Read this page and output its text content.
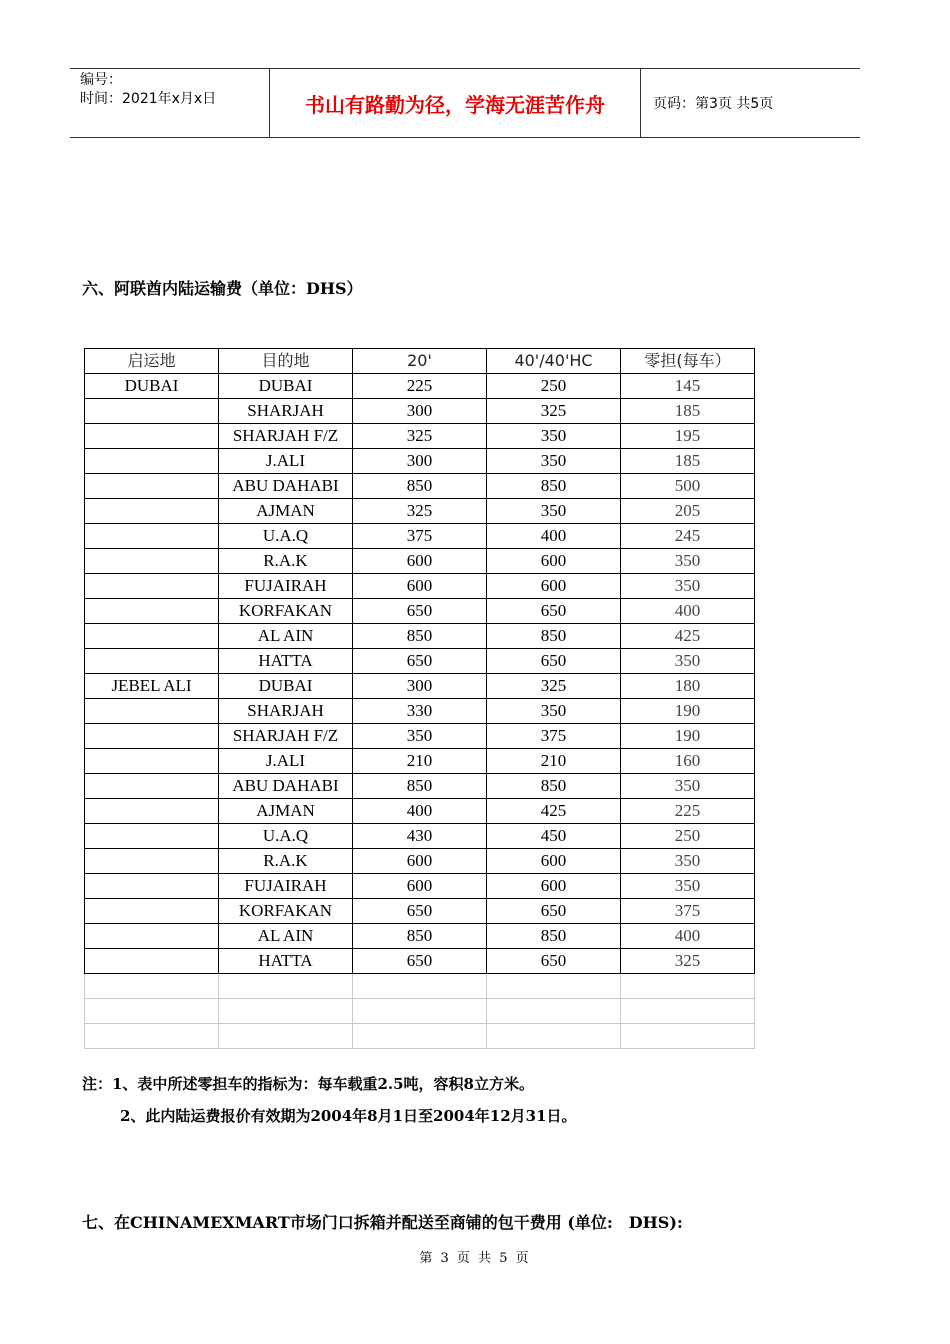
编号：
时间：2021年x月x日	书山有路勤为径，学海无涯苦作舟	页码：第3页 共5页
六、阿联酋内陆运输费（单位：DHS）
启运地	目的地	20'	40'/40'HC	零担(每车）
DUBAI	DUBAI	225	250	145
	SHARJAH	300	325	185
	SHARJAH F/Z	325	350	195
	J.ALI	300	350	185
	ABU DAHABI	850	850	500
	AJMAN	325	350	205
	U.A.Q	375	400	245
	R.A.K	600	600	350
	FUJAIRAH	600	600	350
	KORFAKAN	650	650	400
	AL AIN	850	850	425
	HATTA	650	650	350
JEBEL ALI	DUBAI	300	325	180
	SHARJAH	330	350	190
	SHARJAH F/Z	350	375	190
	J.ALI	210	210	160
	ABU DAHABI	850	850	350
	AJMAN	400	425	225
	U.A.Q	430	450	250
	R.A.K	600	600	350
	FUJAIRAH	600	600	350
	KORFAKAN	650	650	375
	AL AIN	850	850	400
	HATTA	650	650	325

注：1、表中所述零担车的指标为：每车载重2.5吨，容积8立方米。
2、此内陆运费报价有效期为2004年8月1日至2004年12月31日。
七、在CHINAMEXMART市场门口拆箱并配送至商铺的包干费用 (单位:　DHS):
第 3 页 共 5 页
